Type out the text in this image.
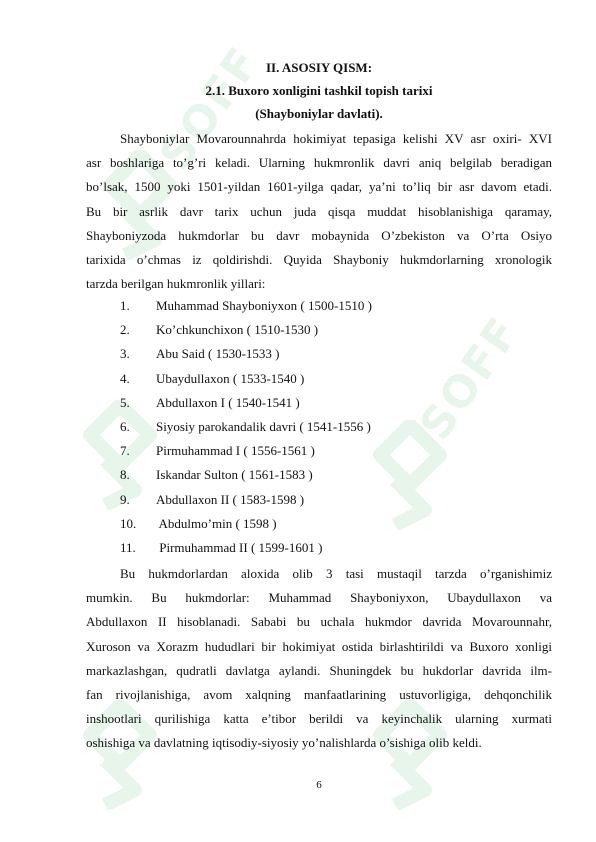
SOFF
SOFF
II. ASOSIY QISM:
2.1. Buxoro xonligini tashkil topish tarixi
(Shayboniylar davlati).
Shayboniylar Movarounnahrda hokimiyat tepasiga kelishi XV asr oxiri- XVI
asr boshlariga to’g’ri keladi. Ularning hukmronlik davri aniq belgilab beradigan
bo’lsak, 1500 yoki 1501-yildan 1601-yilga qadar, ya’ni to’liq bir asr davom etadi.
Bu bir asrlik davr tarix uchun juda qisqa muddat hisoblanishiga qaramay,
Shayboniyzoda hukmdorlar bu davr mobaynida O’zbekiston va O’rta Osiyo
tarixida o’chmas iz qoldirishdi. Quyida Shayboniy hukmdorlarning xronologik
tarzda berilgan hukmronlik yillari:
1. Muhammad Shayboniyxon ( 1500-1510 )
2. Ko’chkunchixon ( 1510-1530 )
3. Abu Said ( 1530-1533 )
4. Ubaydullaxon ( 1533-1540 )
5. Abdullaxon I ( 1540-1541 )
6. Siyosiy parokandalik davri ( 1541-1556 )
7. Pirmuhammad I ( 1556-1561 )
8. Iskandar Sulton ( 1561-1583 )
9. Abdullaxon II ( 1583-1598 )
10. Abdulmo’min ( 1598 )
11. Pirmuhammad II ( 1599-1601 )
Bu hukmdorlardan aloxida olib 3 tasi mustaqil tarzda o’rganishimiz
mumkin. Bu hukmdorlar: Muhammad Shayboniyxon, Ubaydullaxon va
Abdullaxon II hisoblanadi. Sababi bu uchala hukmdor davrida Movarounnahr,
Xuroson va Xorazm hududlari bir hokimiyat ostida birlashtirildi va Buxoro xonligi
markazlashgan, qudratli davlatga aylandi. Shuningdek bu hukdorlar davrida ilm-
fan rivojlanishiga, avom xalqning manfaatlarining ustuvorligiga, dehqonchilik
inshootlari qurilishiga katta e’tibor berildi va keyinchalik ularning xurmati
oshishiga va davlatning iqtisodiy-siyosiy yo’nalishlarda o’sishiga olib keldi.
6
